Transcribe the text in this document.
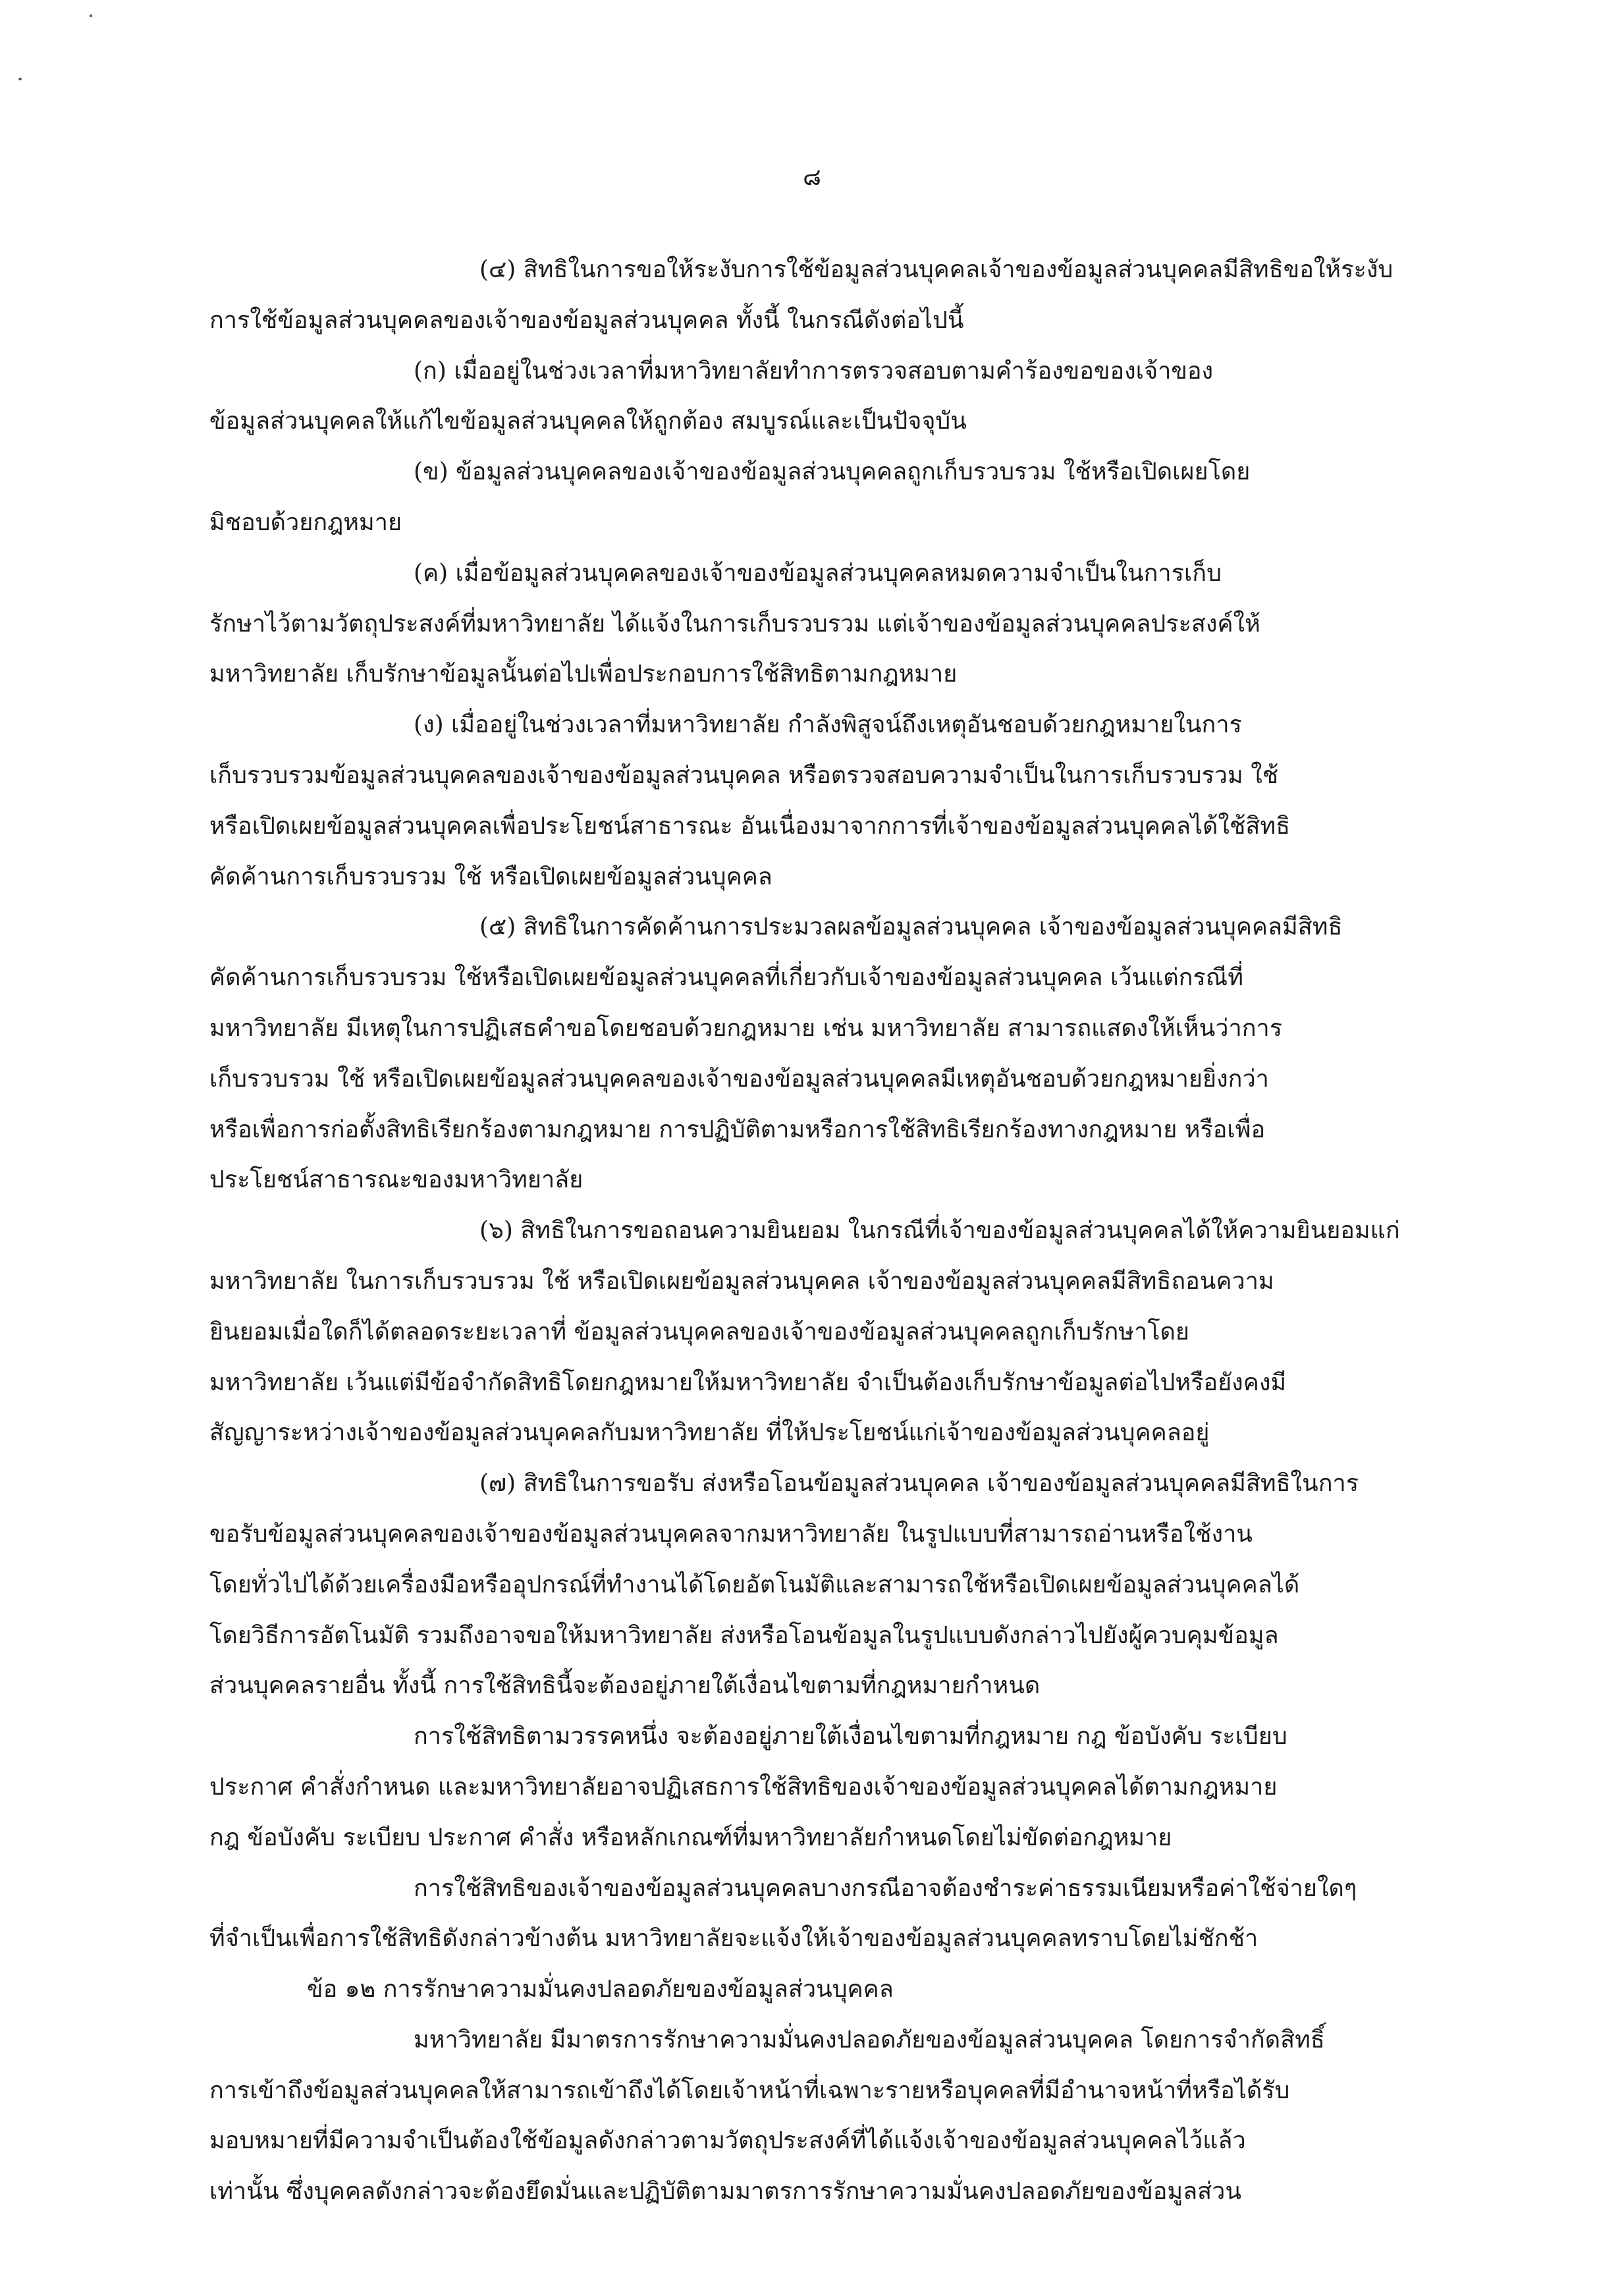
๘
(๔) สิทธิในการขอให้ระงับการใช้ข้อมูลส่วนบุคคลเจ้าของข้อมูลส่วนบุคคลมีสิทธิขอให้ระงับ
การใช้ข้อมูลส่วนบุคคลของเจ้าของข้อมูลส่วนบุคคล ทั้งนี้ ในกรณีดังต่อไปนี้
(ก) เมื่ออยู่ในช่วงเวลาที่มหาวิทยาลัยทำการตรวจสอบตามคำร้องขอของเจ้าของ
ข้อมูลส่วนบุคคลให้แก้ไขข้อมูลส่วนบุคคลให้ถูกต้อง สมบูรณ์และเป็นปัจจุบัน
(ข) ข้อมูลส่วนบุคคลของเจ้าของข้อมูลส่วนบุคคลถูกเก็บรวบรวม ใช้หรือเปิดเผยโดย
มิชอบด้วยกฎหมาย
(ค) เมื่อข้อมูลส่วนบุคคลของเจ้าของข้อมูลส่วนบุคคลหมดความจำเป็นในการเก็บ
รักษาไว้ตามวัตถุประสงค์ที่มหาวิทยาลัย ได้แจ้งในการเก็บรวบรวม แต่เจ้าของข้อมูลส่วนบุคคลประสงค์ให้
มหาวิทยาลัย เก็บรักษาข้อมูลนั้นต่อไปเพื่อประกอบการใช้สิทธิตามกฎหมาย
(ง) เมื่ออยู่ในช่วงเวลาที่มหาวิทยาลัย กำลังพิสูจน์ถึงเหตุอันชอบด้วยกฎหมายในการ
เก็บรวบรวมข้อมูลส่วนบุคคลของเจ้าของข้อมูลส่วนบุคคล หรือตรวจสอบความจำเป็นในการเก็บรวบรวม ใช้
หรือเปิดเผยข้อมูลส่วนบุคคลเพื่อประโยชน์สาธารณะ อันเนื่องมาจากการที่เจ้าของข้อมูลส่วนบุคคลได้ใช้สิทธิ
คัดค้านการเก็บรวบรวม ใช้ หรือเปิดเผยข้อมูลส่วนบุคคล
(๕) สิทธิในการคัดค้านการประมวลผลข้อมูลส่วนบุคคล เจ้าของข้อมูลส่วนบุคคลมีสิทธิ
คัดค้านการเก็บรวบรวม ใช้หรือเปิดเผยข้อมูลส่วนบุคคลที่เกี่ยวกับเจ้าของข้อมูลส่วนบุคคล เว้นแต่กรณีที่
มหาวิทยาลัย มีเหตุในการปฏิเสธคำขอโดยชอบด้วยกฎหมาย เช่น มหาวิทยาลัย สามารถแสดงให้เห็นว่าการ
เก็บรวบรวม ใช้ หรือเปิดเผยข้อมูลส่วนบุคคลของเจ้าของข้อมูลส่วนบุคคลมีเหตุอันชอบด้วยกฎหมายยิ่งกว่า
หรือเพื่อการก่อตั้งสิทธิเรียกร้องตามกฎหมาย การปฏิบัติตามหรือการใช้สิทธิเรียกร้องทางกฎหมาย หรือเพื่อ
ประโยชน์สาธารณะของมหาวิทยาลัย
(๖) สิทธิในการขอถอนความยินยอม ในกรณีที่เจ้าของข้อมูลส่วนบุคคลได้ให้ความยินยอมแก่
มหาวิทยาลัย ในการเก็บรวบรวม ใช้ หรือเปิดเผยข้อมูลส่วนบุคคล เจ้าของข้อมูลส่วนบุคคลมีสิทธิถอนความ
ยินยอมเมื่อใดก็ได้ตลอดระยะเวลาที่ ข้อมูลส่วนบุคคลของเจ้าของข้อมูลส่วนบุคคลถูกเก็บรักษาโดย
มหาวิทยาลัย เว้นแต่มีข้อจำกัดสิทธิโดยกฎหมายให้มหาวิทยาลัย จำเป็นต้องเก็บรักษาข้อมูลต่อไปหรือยังคงมี
สัญญาระหว่างเจ้าของข้อมูลส่วนบุคคลกับมหาวิทยาลัย ที่ให้ประโยชน์แก่เจ้าของข้อมูลส่วนบุคคลอยู่
(๗) สิทธิในการขอรับ ส่งหรือโอนข้อมูลส่วนบุคคล เจ้าของข้อมูลส่วนบุคคลมีสิทธิในการ
ขอรับข้อมูลส่วนบุคคลของเจ้าของข้อมูลส่วนบุคคลจากมหาวิทยาลัย ในรูปแบบที่สามารถอ่านหรือใช้งาน
โดยทั่วไปได้ด้วยเครื่องมือหรืออุปกรณ์ที่ทำงานได้โดยอัตโนมัติและสามารถใช้หรือเปิดเผยข้อมูลส่วนบุคคลได้
โดยวิธีการอัตโนมัติ รวมถึงอาจขอให้มหาวิทยาลัย ส่งหรือโอนข้อมูลในรูปแบบดังกล่าวไปยังผู้ควบคุมข้อมูล
ส่วนบุคคลรายอื่น ทั้งนี้ การใช้สิทธินี้จะต้องอยู่ภายใต้เงื่อนไขตามที่กฎหมายกำหนด
การใช้สิทธิตามวรรคหนึ่ง จะต้องอยู่ภายใต้เงื่อนไขตามที่กฎหมาย กฎ ข้อบังคับ ระเบียบ
ประกาศ คำสั่งกำหนด และมหาวิทยาลัยอาจปฏิเสธการใช้สิทธิของเจ้าของข้อมูลส่วนบุคคลได้ตามกฎหมาย
กฎ ข้อบังคับ ระเบียบ ประกาศ คำสั่ง หรือหลักเกณฑ์ที่มหาวิทยาลัยกำหนดโดยไม่ขัดต่อกฎหมาย
การใช้สิทธิของเจ้าของข้อมูลส่วนบุคคลบางกรณีอาจต้องชำระค่าธรรมเนียมหรือค่าใช้จ่ายใดๆ
ที่จำเป็นเพื่อการใช้สิทธิดังกล่าวข้างต้น มหาวิทยาลัยจะแจ้งให้เจ้าของข้อมูลส่วนบุคคลทราบโดยไม่ชักช้า
ข้อ ๑๒ การรักษาความมั่นคงปลอดภัยของข้อมูลส่วนบุคคล
มหาวิทยาลัย มีมาตรการรักษาความมั่นคงปลอดภัยของข้อมูลส่วนบุคคล โดยการจำกัดสิทธิ์
การเข้าถึงข้อมูลส่วนบุคคลให้สามารถเข้าถึงได้โดยเจ้าหน้าที่เฉพาะรายหรือบุคคลที่มีอำนาจหน้าที่หรือได้รับ
มอบหมายที่มีความจำเป็นต้องใช้ข้อมูลดังกล่าวตามวัตถุประสงค์ที่ได้แจ้งเจ้าของข้อมูลส่วนบุคคลไว้แล้ว
เท่านั้น ซึ่งบุคคลดังกล่าวจะต้องยึดมั่นและปฏิบัติตามมาตรการรักษาความมั่นคงปลอดภัยของข้อมูลส่วน
